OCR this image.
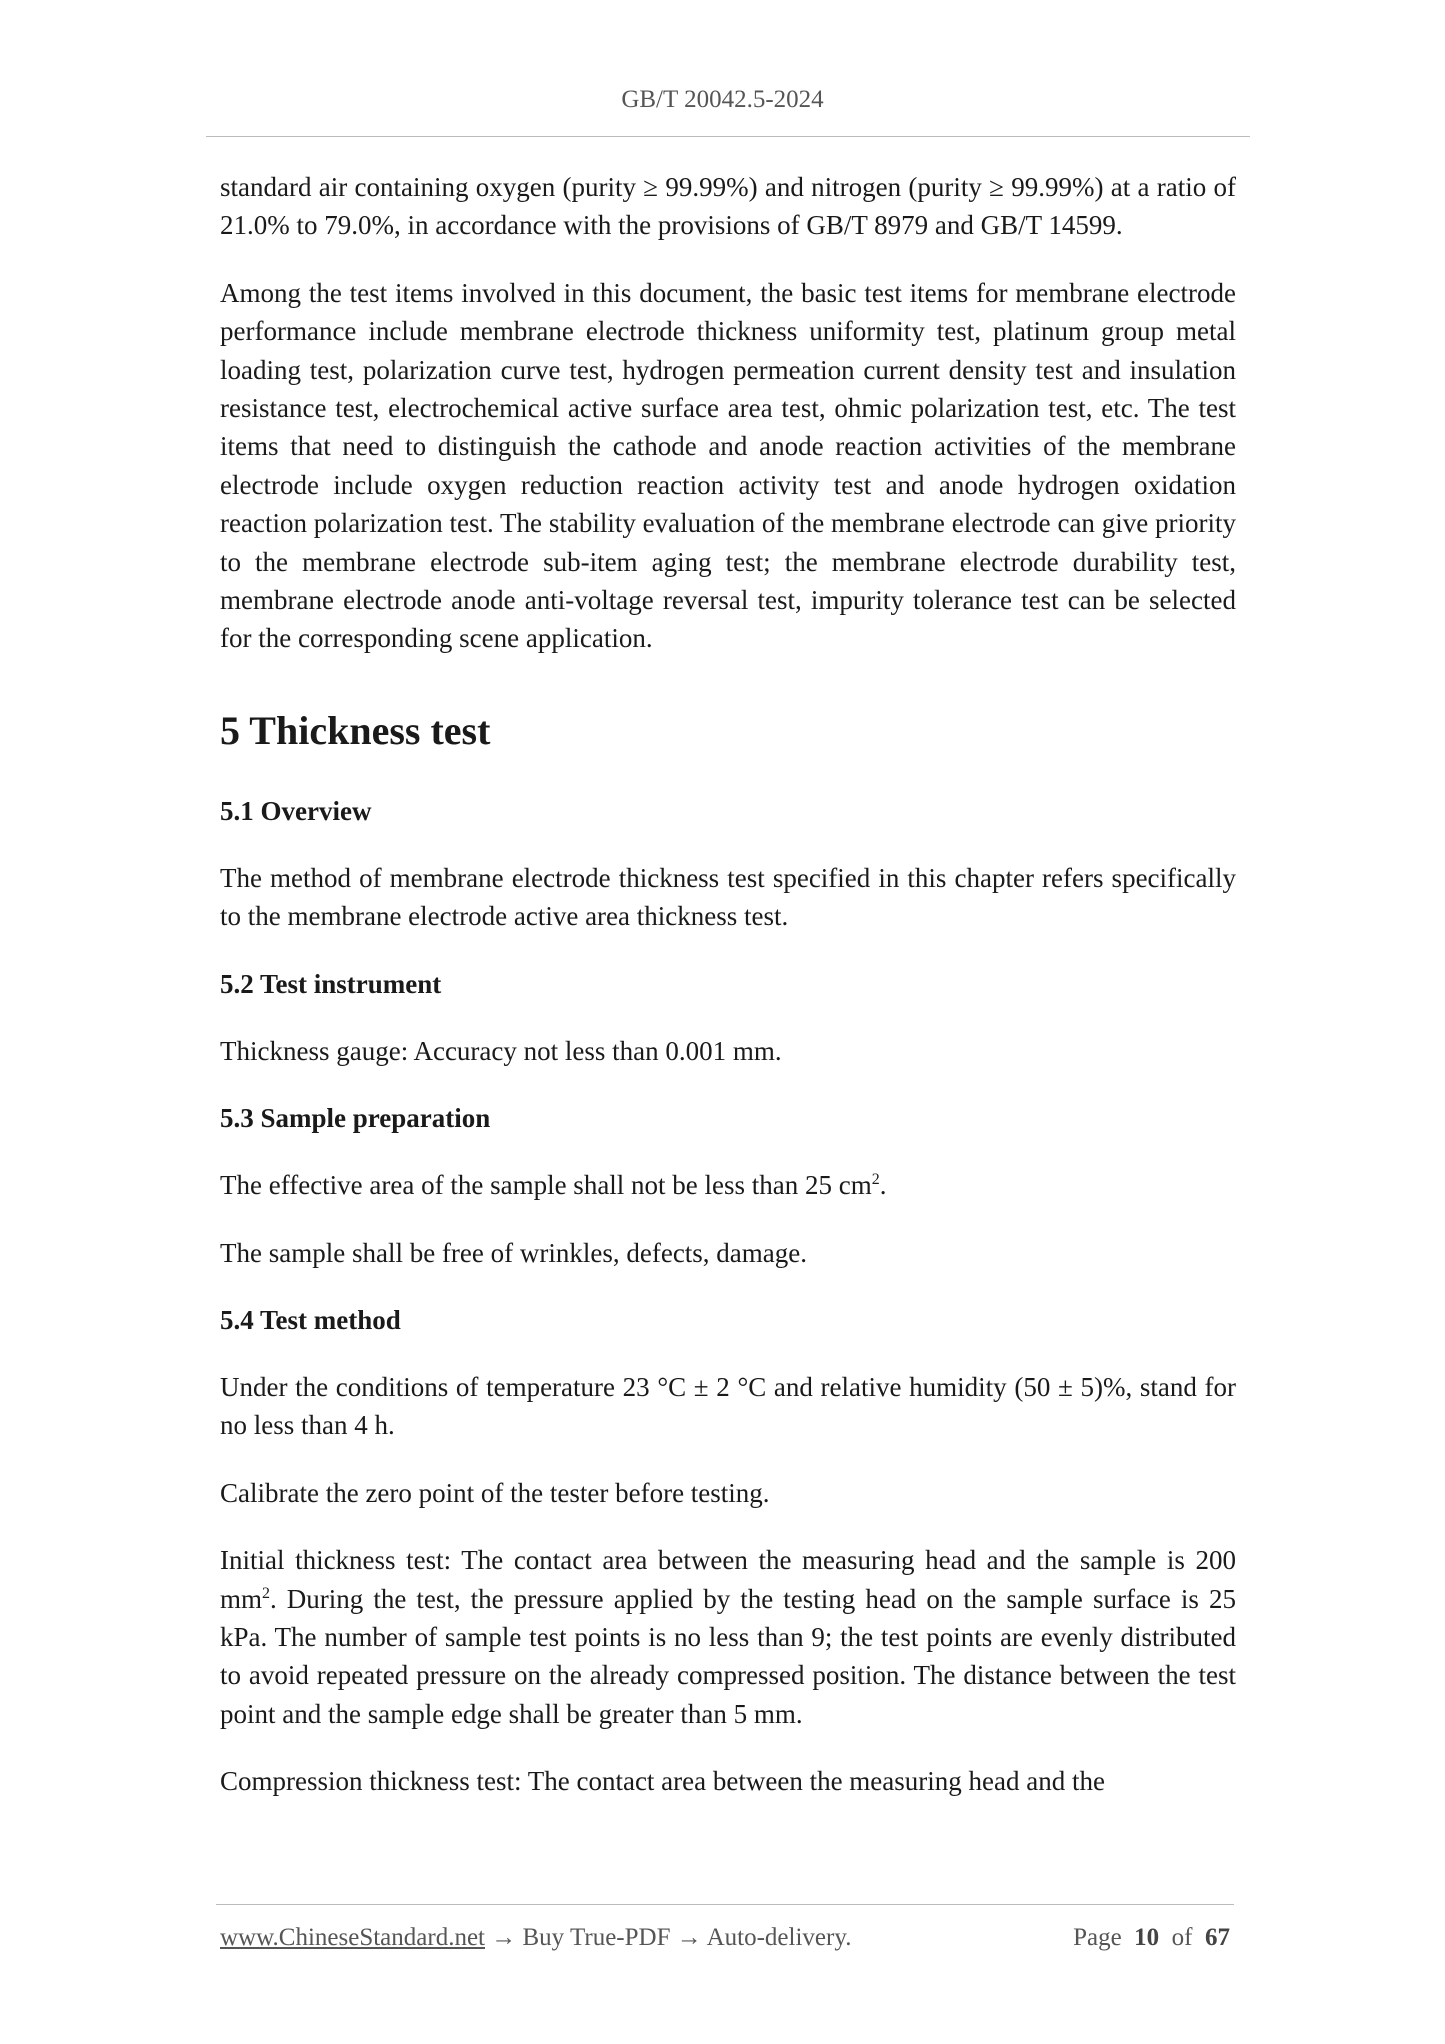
GB/T 20042.5-2024

standard air containing oxygen (purity ≥ 99.99%) and nitrogen (purity ≥ 99.99%) at a ratio of 21.0% to 79.0%, in accordance with the provisions of GB/T 8979 and GB/T 14599.

Among the test items involved in this document, the basic test items for membrane electrode performance include membrane electrode thickness uniformity test, platinum group metal loading test, polarization curve test, hydrogen permeation current density test and insulation resistance test, electrochemical active surface area test, ohmic polarization test, etc. The test items that need to distinguish the cathode and anode reaction activities of the membrane electrode include oxygen reduction reaction activity test and anode hydrogen oxidation reaction polarization test. The stability evaluation of the membrane electrode can give priority to the membrane electrode sub-item aging test; the membrane electrode durability test, membrane electrode anode anti-voltage reversal test, impurity tolerance test can be selected for the corresponding scene application.

5 Thickness test
5.1 Overview

The method of membrane electrode thickness test specified in this chapter refers specifically to the membrane electrode active area thickness test.

5.2 Test instrument

Thickness gauge: Accuracy not less than 0.001 mm.

5.3 Sample preparation

The effective area of the sample shall not be less than 25 $cm^2$.

The sample shall be free of wrinkles, defects, damage.

5.4 Test method

Under the conditions of temperature 23 °C ± 2 °C and relative humidity (50 ± 5)%, stand for no less than 4 h.

Calibrate the zero point of the tester before testing.

Initial thickness test: The contact area between the measuring head and the sample is 200 $mm^2$. During the test, the pressure applied by the testing head on the sample surface is 25 kPa. The number of sample test points is no less than 9; the test points are evenly distributed to avoid repeated pressure on the already compressed position. The distance between the test point and the sample edge shall be greater than 5 mm.

Compression thickness test: The contact area between the measuring head and the

www.ChineseStandard.net → Buy True-PDF → Auto-delivery.	Page 10 of 67
